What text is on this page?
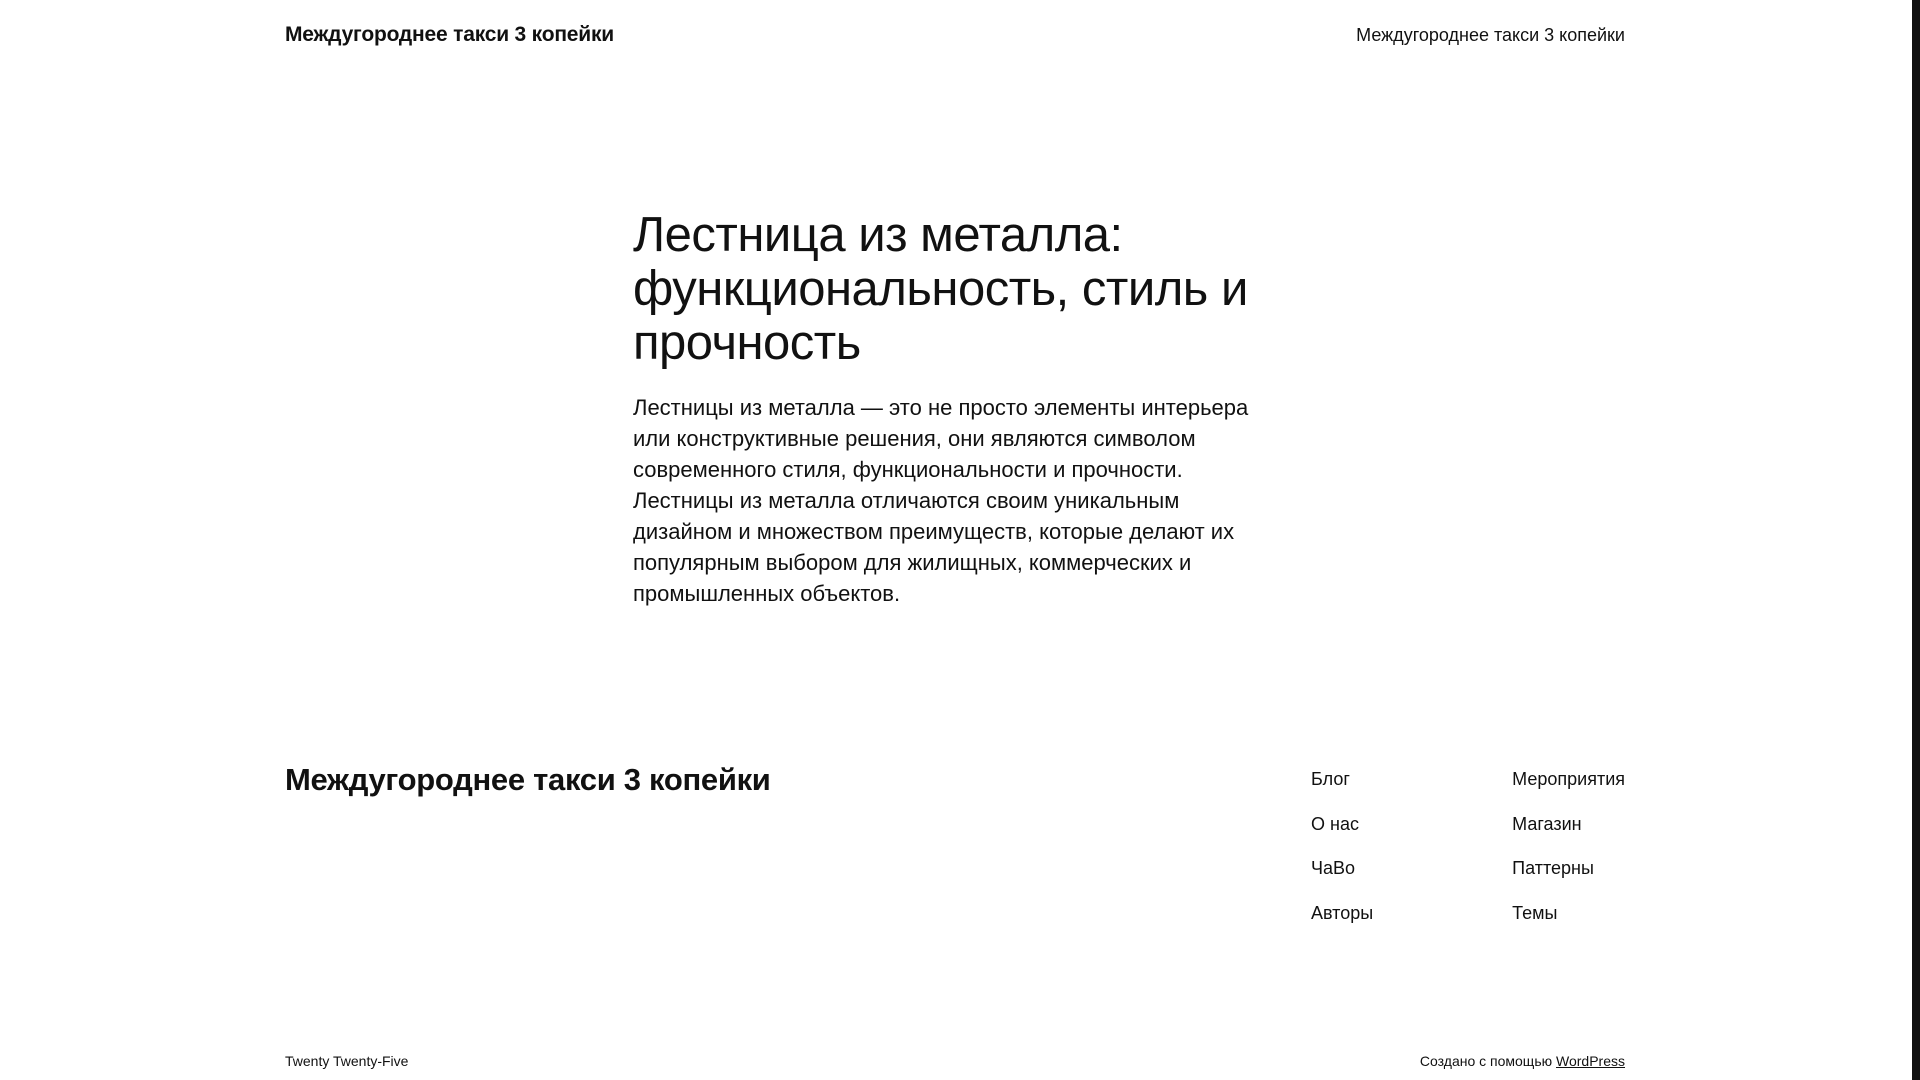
Междугороднее такси 3 копейки	Междугороднее такси 3 копейки
Лестница из металла: функциональность, стиль и прочность

Лестницы из металла — это не просто элементы интерьера или конструктивные решения, они являются символом современного стиля, функциональности и прочности. Лестницы из металла отличаются своим уникальным дизайном и множеством преимуществ, которые делают их популярным выбором для жилищных, коммерческих и промышленных объектов.

Междугороднее такси 3 копейки	Блог
О нас
ЧаВо
Авторы
Мероприятия
Магазин
Паттерны
Темы
Twenty Twenty-Five	Создано с помощью WordPress
